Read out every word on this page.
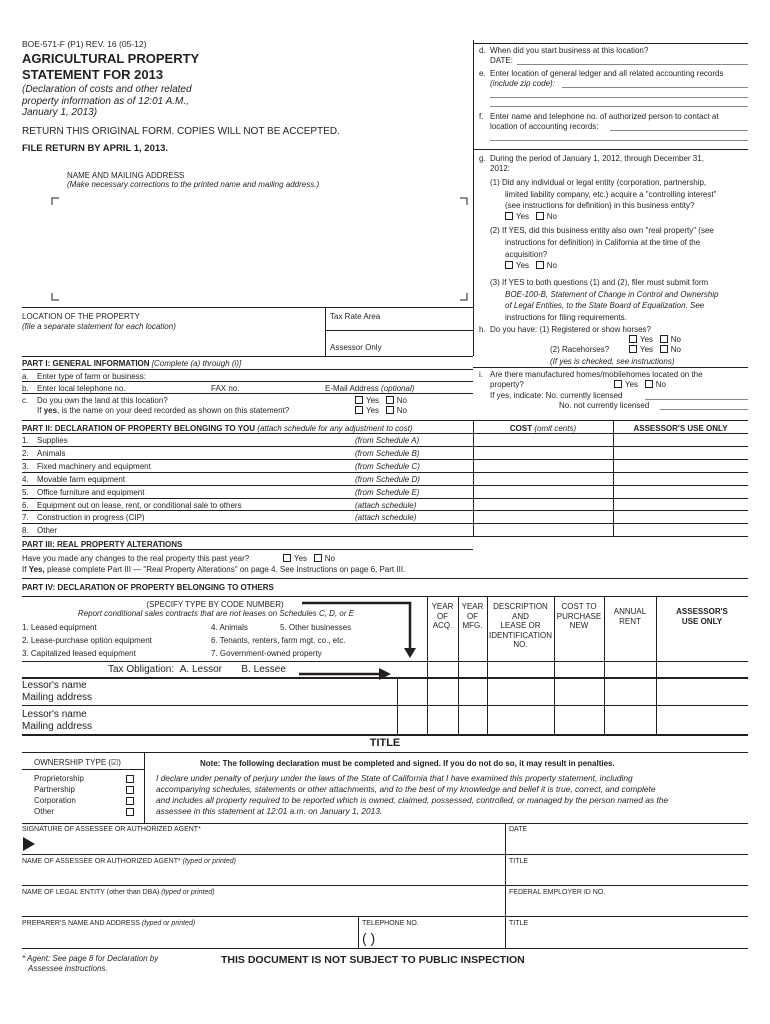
BOE-571-F (P1) REV. 16 (05-12)
AGRICULTURAL PROPERTY
STATEMENT FOR 2013
(Declaration of costs and other related
property information as of 12:01 A.M.,
January 1, 2013)
RETURN THIS ORIGINAL FORM. COPIES WILL NOT BE ACCEPTED.
FILE RETURN BY APRIL 1, 2013.
NAME AND MAILING ADDRESS
(Make necessary corrections to the printed name and mailing address.)
LOCATION OF THE PROPERTY
(file a separate statement for each location)
Tax Rate Area
Assessor Only
d. When did you start business at this location?
DATE:
e. Enter location of general ledger and all related accounting records
(include zip code):
f. Enter name and telephone no. of authorized person to contact at
location of accounting records:
g. During the period of January 1, 2012, through December 31,
2012:
(1) Did any individual or legal entity (corporation, partnership,
limited liability company, etc.) acquire a "controlling interest"
(see instructions for definition) in this business entity?
Yes No
(2) If YES, did this business entity also own "real property" (see
instructions for definition) in California at the time of the
acquisition?
Yes No
(3) If YES to both questions (1) and (2), filer must submit form
BOE-100-B, Statement of Change in Control and Ownership
of Legal Entities, to the State Board of Equalization. See
instructions for filing requirements.
h. Do you have: (1) Registered or show horses?
Yes No
(2) Racehorses?	Yes No
(If yes is checked, see instructions)
i. Are there manufactured homes/mobilehomes located on the
property?	Yes No
If yes, indicate: No. currently licensed
No. not currently licensed
PART I: GENERAL INFORMATION [Complete (a) through (i)]
a. Enter type of farm or business:
b. Enter local telephone no.	FAX no.	E-Mail Address (optional)
c. Do you own the land at this location?	Yes No
If yes, is the name on your deed recorded as shown on this statement?	Yes No
PART II: DECLARATION OF PROPERTY BELONGING TO YOU (attach schedule for any adjustment to cost)	COST (omit cents)	ASSESSOR'S USE ONLY
1. Supplies	(from Schedule A)
2. Animals	(from Schedule B)
3. Fixed machinery and equipment	(from Schedule C)
4. Movable farm equipment	(from Schedule D)
5. Office furniture and equipment	(from Schedule E)
6. Equipment out on lease, rent, or conditional sale to others	(attach schedule)
7. Construction in progress (CIP)	(attach schedule)
8. Other
PART III: REAL PROPERTY ALTERATIONS
Have you made any changes to the real property this past year?	Yes No
If Yes, please complete Part III — "Real Property Alterations" on page 4. See Instructions on page 6, Part III.
PART IV: DECLARATION OF PROPERTY BELONGING TO OTHERS
(SPECIFY TYPE BY CODE NUMBER)
Report conditional sales contracts that are not leases on Schedules C, D, or E
1. Leased equipment
2. Lease-purchase option equipment
3. Capitalized leased equipment
4. Animals	5. Other businesses
6. Tenants, renters, farm mgt. co., etc.
7. Government-owned property
YEAR
OF
ACQ.
YEAR
OF
MFG.
DESCRIPTION
AND
LEASE OR
IDENTIFICATION
NO.
COST TO
PURCHASE
NEW
ANNUAL
RENT
ASSESSOR'S
USE ONLY
Tax Obligation: A. Lessor B. Lessee
Lessor's name
Mailing address
Lessor's name
Mailing address
TITLE
OWNERSHIP TYPE (☑)
Proprietorship
Partnership
Corporation
Other
Note: The following declaration must be completed and signed. If you do not do so, it may result in penalties.
I declare under penalty of perjury under the laws of the State of California that I have examined this property statement, including
accompanying schedules, statements or other attachments, and to the best of my knowledge and belief it is true, correct, and complete
and includes all property required to be reported which is owned, claimed, possessed, controlled, or managed by the person named as the
assessee in this statement at 12:01 a.m. on January 1, 2013.
SIGNATURE OF ASSESSEE OR AUTHORIZED AGENT*	DATE
NAME OF ASSESSEE OR AUTHORIZED AGENT* (typed or printed)	TITLE
NAME OF LEGAL ENTITY (other than DBA) (typed or printed)	FEDERAL EMPLOYER ID NO.
PREPARER'S NAME AND ADDRESS (typed or printed)	TELEPHONE NO.	TITLE
( )
* Agent: See page 8 for Declaration by
Assessee instructions.
THIS DOCUMENT IS NOT SUBJECT TO PUBLIC INSPECTION
